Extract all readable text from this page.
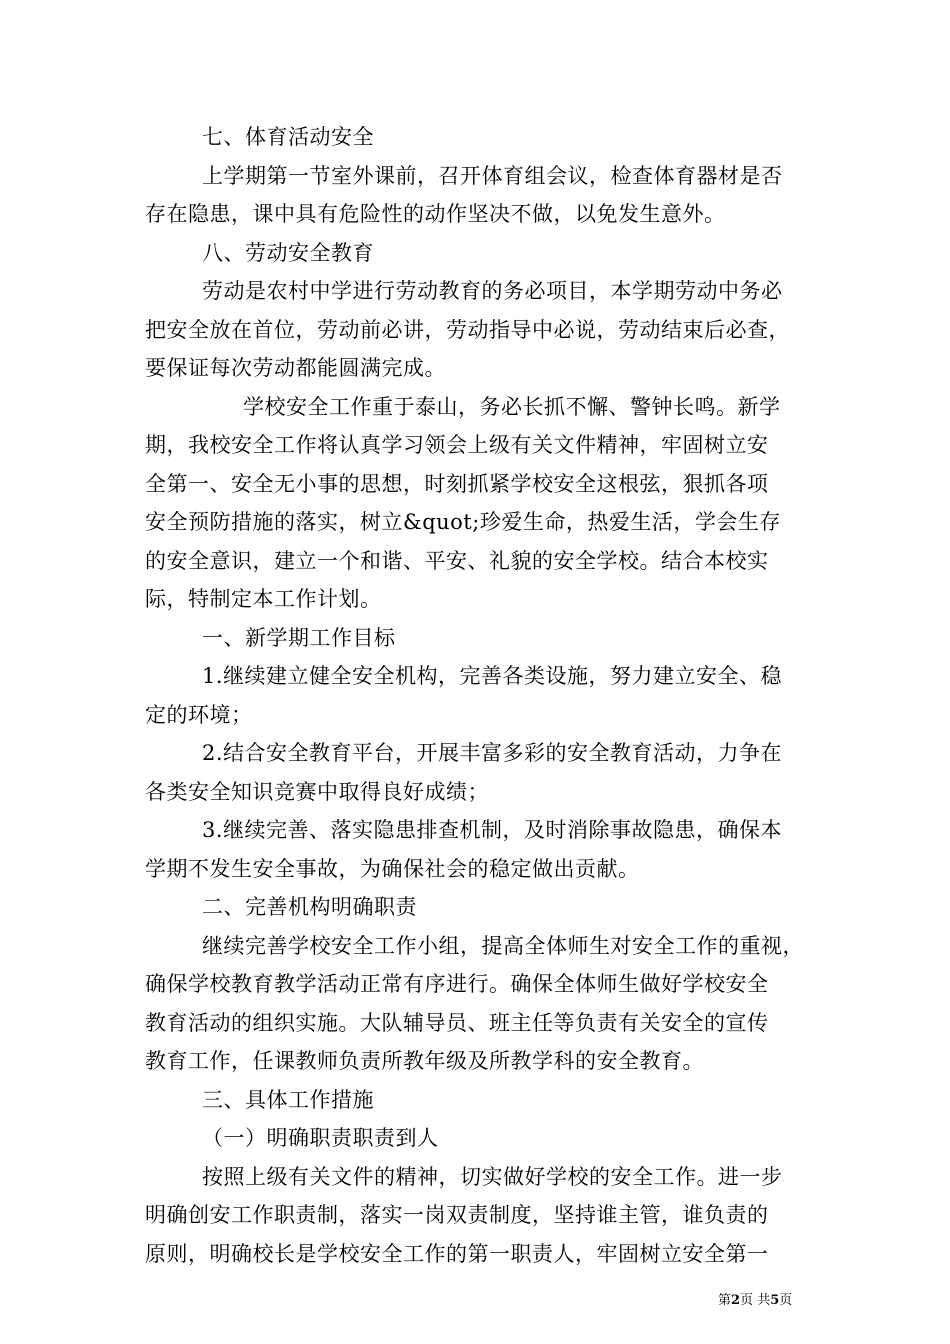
七、体育活动安全
上学期第一节室外课前，召开体育组会议，检查体育器材是否
存在隐患，课中具有危险性的动作坚决不做，以免发生意外。
八、劳动安全教育
劳动是农村中学进行劳动教育的务必项目，本学期劳动中务必
把安全放在首位，劳动前必讲，劳动指导中必说，劳动结束后必查，
要保证每次劳动都能圆满完成。
学校安全工作重于泰山，务必长抓不懈、警钟长鸣。新学
期，我校安全工作将认真学习领会上级有关文件精神，牢固树立安
全第一、安全无小事的思想，时刻抓紧学校安全这根弦，狠抓各项
安全预防措施的落实，树立&quot;珍爱生命，热爱生活，学会生存
的安全意识，建立一个和谐、平安、礼貌的安全学校。结合本校实
际，特制定本工作计划。
一、新学期工作目标
1.继续建立健全安全机构，完善各类设施，努力建立安全、稳
定的环境；
2.结合安全教育平台，开展丰富多彩的安全教育活动，力争在
各类安全知识竞赛中取得良好成绩；
3.继续完善、落实隐患排查机制，及时消除事故隐患，确保本
学期不发生安全事故，为确保社会的稳定做出贡献。
二、完善机构明确职责
继续完善学校安全工作小组，提高全体师生对安全工作的重视，
确保学校教育教学活动正常有序进行。确保全体师生做好学校安全
教育活动的组织实施。大队辅导员、班主任等负责有关安全的宣传
教育工作，任课教师负责所教年级及所教学科的安全教育。
三、具体工作措施
（一）明确职责职责到人
按照上级有关文件的精神，切实做好学校的安全工作。进一步
明确创安工作职责制，落实一岗双责制度，坚持谁主管，谁负责的
原则，明确校长是学校安全工作的第一职责人，牢固树立安全第一
第2页 共5页
